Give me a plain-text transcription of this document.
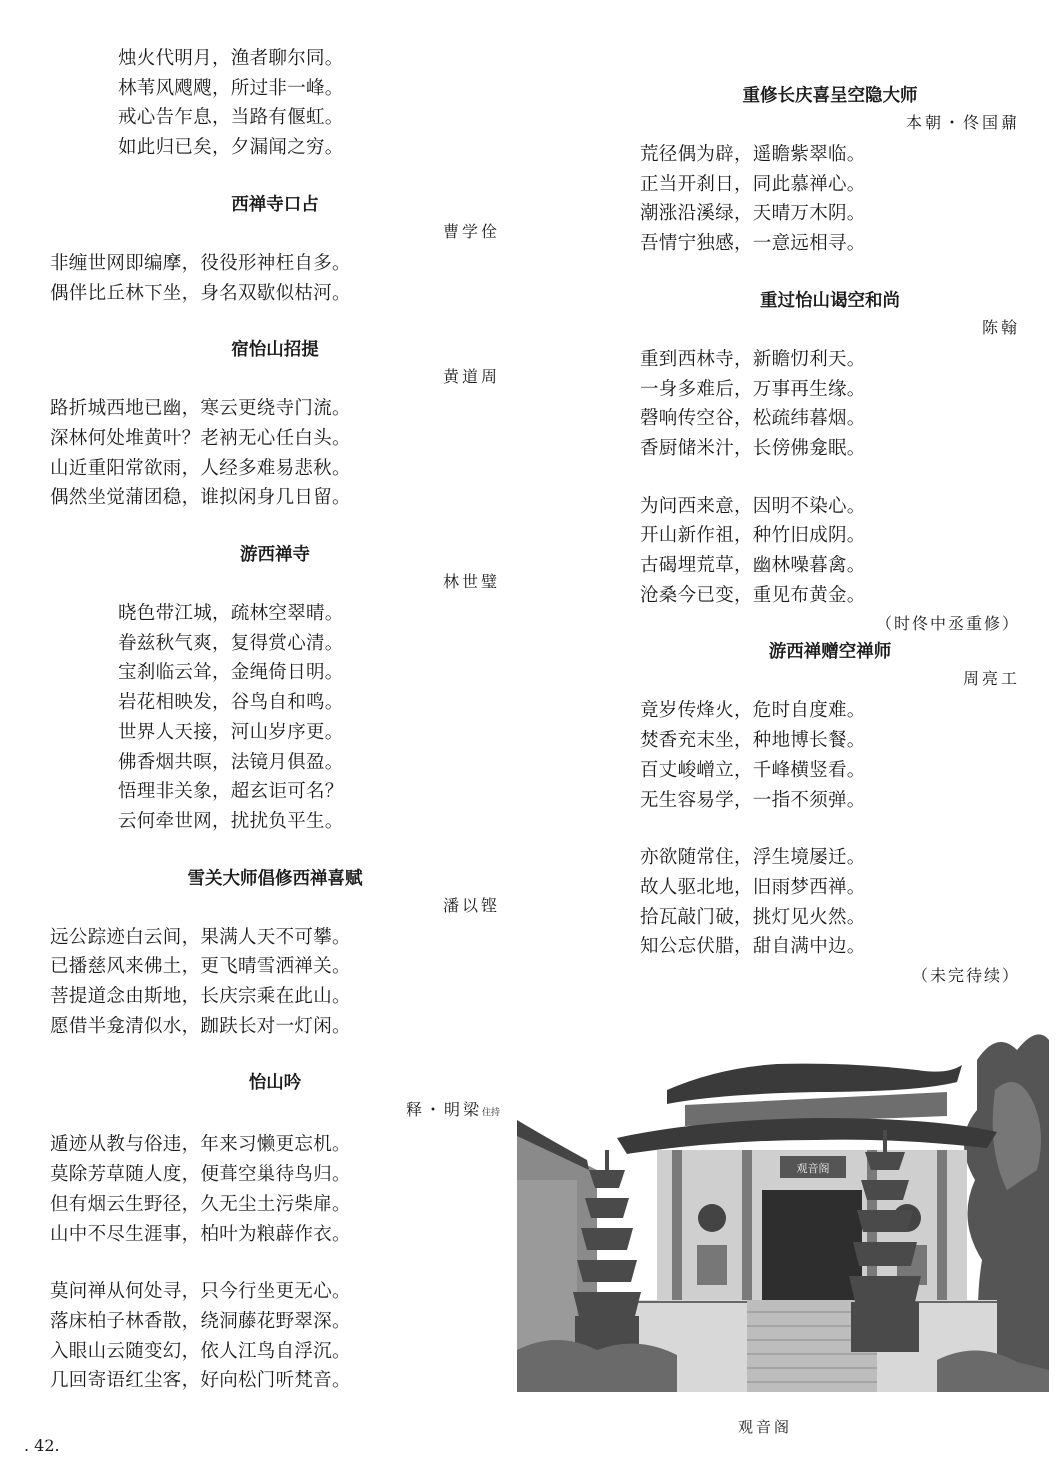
烛火代明月，渔者聊尔同。
林苇风飕飕，所过非一峰。
戒心告乍息，当路有偃虹。
如此归已矣，夕漏闻之穷。
西禅寺口占
曹学佺
非缠世网即编摩，役役形神枉自多。
偶伴比丘林下坐，身名双歇似枯河。
宿怡山招提
黄道周
路折城西地已幽，寒云更绕寺门流。
深林何处堆黄叶？老衲无心任白头。
山近重阳常欲雨，人经多难易悲秋。
偶然坐觉蒲团稳，谁拟闲身几日留。
游西禅寺
林世璧
晓色带江城，疏林空翠晴。
眷兹秋气爽，复得赏心清。
宝刹临云耸，金绳倚日明。
岩花相映发，谷鸟自和鸣。
世界人天接，河山岁序更。
佛香烟共暝，法镜月俱盈。
悟理非关象，超玄讵可名？
云何牵世网，扰扰负平生。
雪关大师倡修西禅喜赋
潘以铿
远公踪迹白云间，果满人天不可攀。
已播慈风来佛土，更飞晴雪洒禅关。
菩提道念由斯地，长庆宗乘在此山。
愿借半龛清似水，跏趺长对一灯闲。
怡山吟
释・明梁住持
遁迹从教与俗违，年来习懒更忘机。
莫除芳草随人度，便葺空巢待鸟归。
但有烟云生野径，久无尘土污柴扉。
山中不尽生涯事，柏叶为粮薜作衣。
莫问禅从何处寻，只今行坐更无心。
落床柏子林香散，绕洞藤花野翠深。
入眼山云随变幻，依人江鸟自浮沉。
几回寄语红尘客，好向松门听梵音。
重修长庆喜呈空隐大师
本朝・佟国鼐
荒径偶为辟，遥瞻紫翠临。
正当开刹日，同此慕禅心。
潮涨沿溪绿，天晴万木阴。
吾情宁独感，一意远相寻。
重过怡山谒空和尚
陈翰
重到西林寺，新瞻忉利天。
一身多难后，万事再生缘。
磬响传空谷，松疏纬暮烟。
香厨储米汁，长傍佛龛眠。
为问西来意，因明不染心。
开山新作祖，种竹旧成阴。
古碣埋荒草，幽林噪暮禽。
沧桑今已变，重见布黄金。
（时佟中丞重修）
游西禅赠空禅师
周亮工
竟岁传烽火，危时自度难。
焚香充末坐，种地博长餐。
百丈峻嶒立，千峰横竖看。
无生容易学，一指不须弹。
亦欲随常住，浮生境屡迁。
故人驱北地，旧雨梦西禅。
拾瓦敲门破，挑灯见火然。
知公忘伏腊，甜自满中边。
（未完待续）
观音阁
观音阁
. 42.
